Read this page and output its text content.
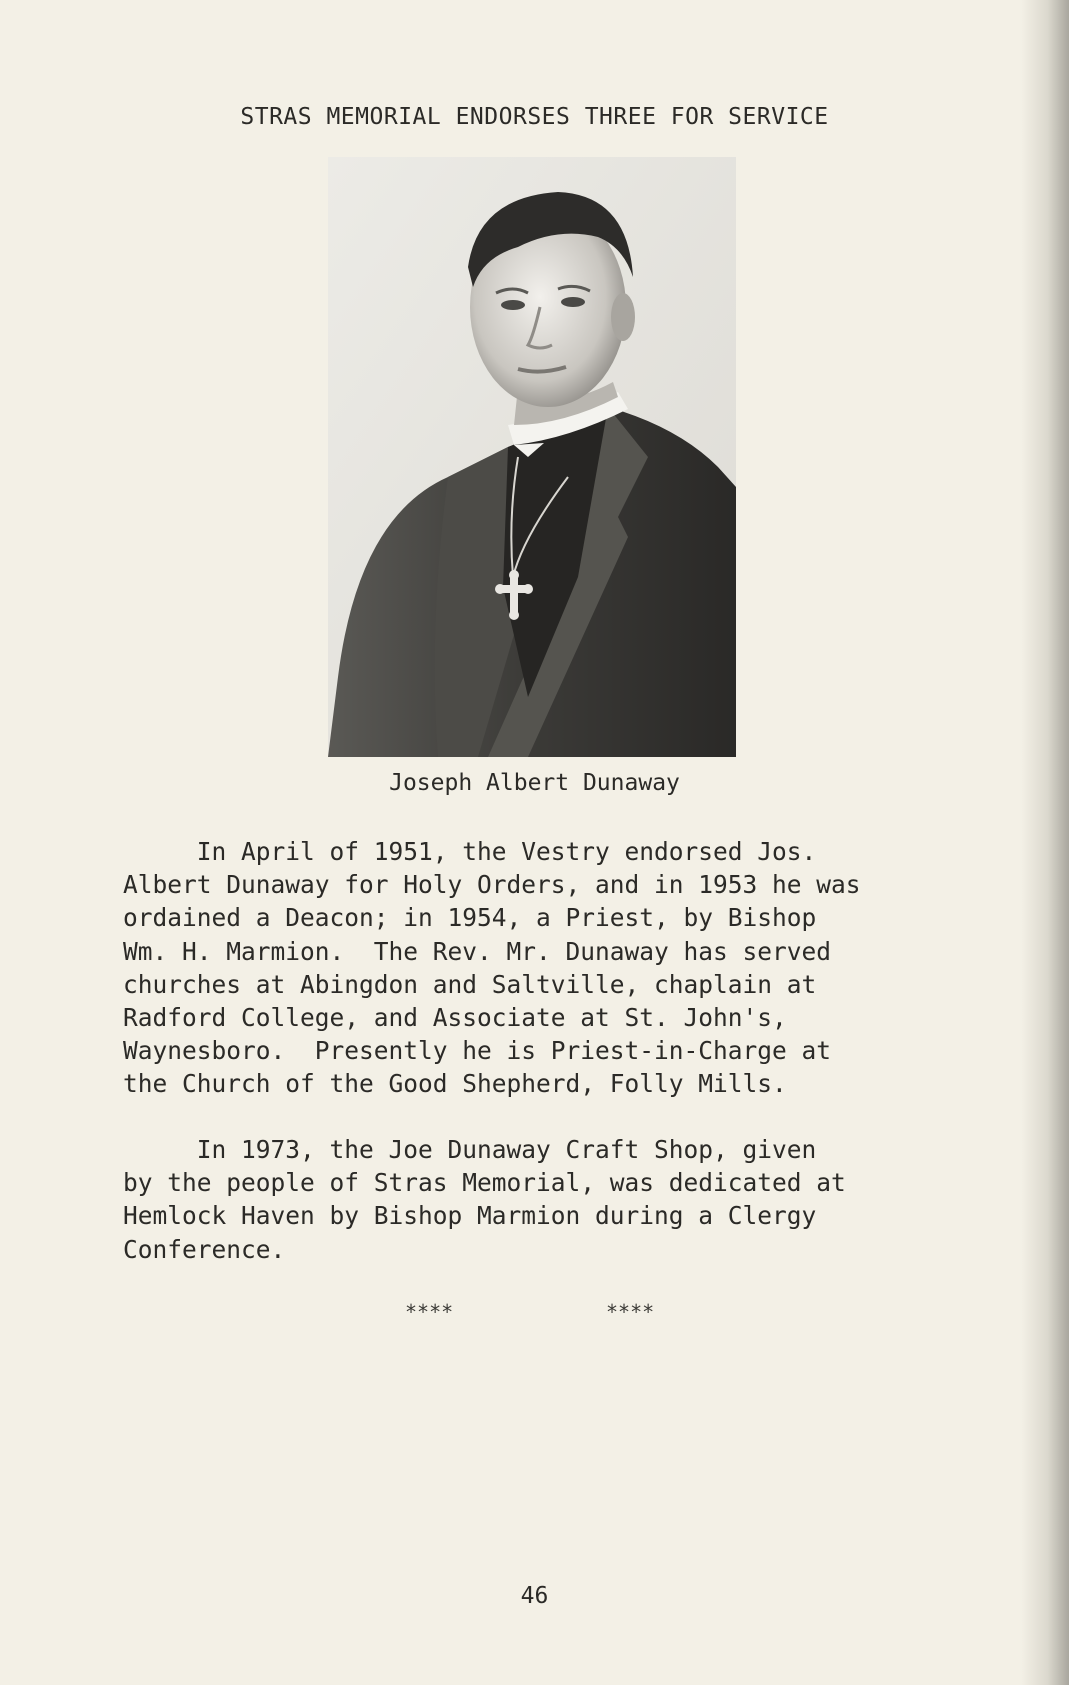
STRAS MEMORIAL ENDORSES THREE FOR SERVICE
Joseph Albert Dunaway
In April of 1951, the Vestry endorsed Jos.
Albert Dunaway for Holy Orders, and in 1953 he was
ordained a Deacon; in 1954, a Priest, by Bishop
Wm. H. Marmion.  The Rev. Mr. Dunaway has served
churches at Abingdon and Saltville, chaplain at
Radford College, and Associate at St. John's,
Waynesboro.  Presently he is Priest-in-Charge at
the Church of the Good Shepherd, Folly Mills.
In 1973, the Joe Dunaway Craft Shop, given
by the people of Stras Memorial, was dedicated at
Hemlock Haven by Bishop Marmion during a Clergy
Conference.
****	****
46
